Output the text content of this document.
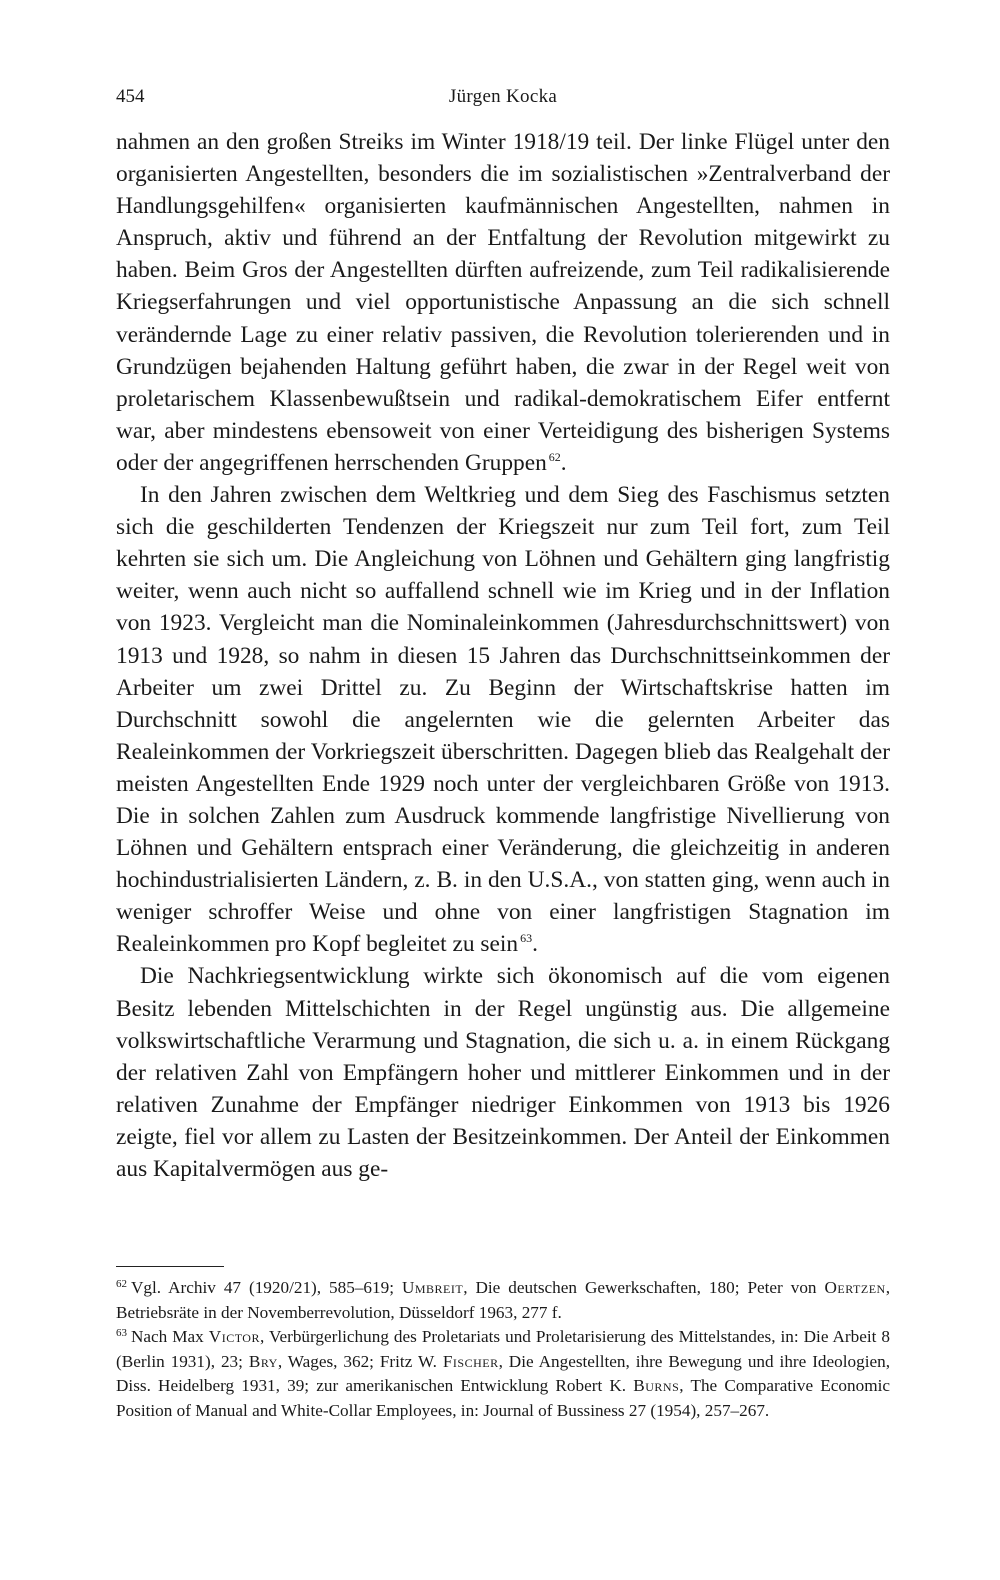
454	Jürgen Kocka

nahmen an den großen Streiks im Winter 1918/19 teil. Der linke Flügel unter den organisierten Angestellten, besonders die im sozialistischen »Zentralverband der Handlungsgehilfen« organisierten kaufmännischen Angestellten, nahmen in Anspruch, aktiv und führend an der Entfaltung der Revolution mitgewirkt zu haben. Beim Gros der Angestellten dürften aufreizende, zum Teil radikalisierende Kriegserfahrungen und viel opportunistische Anpassung an die sich schnell verändernde Lage zu einer relativ passiven, die Revolution tolerierenden und in Grundzügen bejahenden Haltung geführt haben, die zwar in der Regel weit von proletarischem Klassenbewußtsein und radikal-demokratischem Eifer entfernt war, aber mindestens ebensoweit von einer Verteidigung des bisherigen Systems oder der angegriffenen herrschenden Gruppen $^{62}$.

In den Jahren zwischen dem Weltkrieg und dem Sieg des Faschismus setzten sich die geschilderten Tendenzen der Kriegszeit nur zum Teil fort, zum Teil kehrten sie sich um. Die Angleichung von Löhnen und Gehältern ging langfristig weiter, wenn auch nicht so auffallend schnell wie im Krieg und in der Inflation von 1923. Vergleicht man die Nominaleinkommen (Jahresdurchschnittswert) von 1913 und 1928, so nahm in diesen 15 Jahren das Durchschnittseinkommen der Arbeiter um zwei Drittel zu. Zu Beginn der Wirtschaftskrise hatten im Durchschnitt sowohl die angelernten wie die gelernten Arbeiter das Realeinkommen der Vorkriegszeit überschritten. Dagegen blieb das Realgehalt der meisten Angestellten Ende 1929 noch unter der vergleichbaren Größe von 1913. Die in solchen Zahlen zum Ausdruck kommende langfristige Nivellierung von Löhnen und Gehältern entsprach einer Veränderung, die gleichzeitig in anderen hochindustrialisierten Ländern, z. B. in den U.S.A., von statten ging, wenn auch in weniger schroffer Weise und ohne von einer langfristigen Stagnation im Realeinkommen pro Kopf begleitet zu sein $^{63}$.

Die Nachkriegsentwicklung wirkte sich ökonomisch auf die vom eigenen Besitz lebenden Mittelschichten in der Regel ungünstig aus. Die allgemeine volkswirtschaftliche Verarmung und Stagnation, die sich u. a. in einem Rückgang der relativen Zahl von Empfängern hoher und mittlerer Einkommen und in der relativen Zunahme der Empfänger niedriger Einkommen von 1913 bis 1926 zeigte, fiel vor allem zu Lasten der Besitzeinkommen. Der Anteil der Einkommen aus Kapitalvermögen aus ge-

$^{62}$ Vgl. Archiv 47 (1920/21), 585–619; Umbreit, Die deutschen Gewerkschaften, 180; Peter von Oertzen, Betriebsräte in der Novemberrevolution, Düsseldorf 1963, 277 f.

$^{63}$ Nach Max Victor, Verbürgerlichung des Proletariats und Proletarisierung des Mittelstandes, in: Die Arbeit 8 (Berlin 1931), 23; Bry, Wages, 362; Fritz W. Fischer, Die Angestellten, ihre Bewegung und ihre Ideologien, Diss. Heidelberg 1931, 39; zur amerikanischen Entwicklung Robert K. Burns, The Comparative Economic Position of Manual and White-Collar Employees, in: Journal of Bussiness 27 (1954), 257–267.
